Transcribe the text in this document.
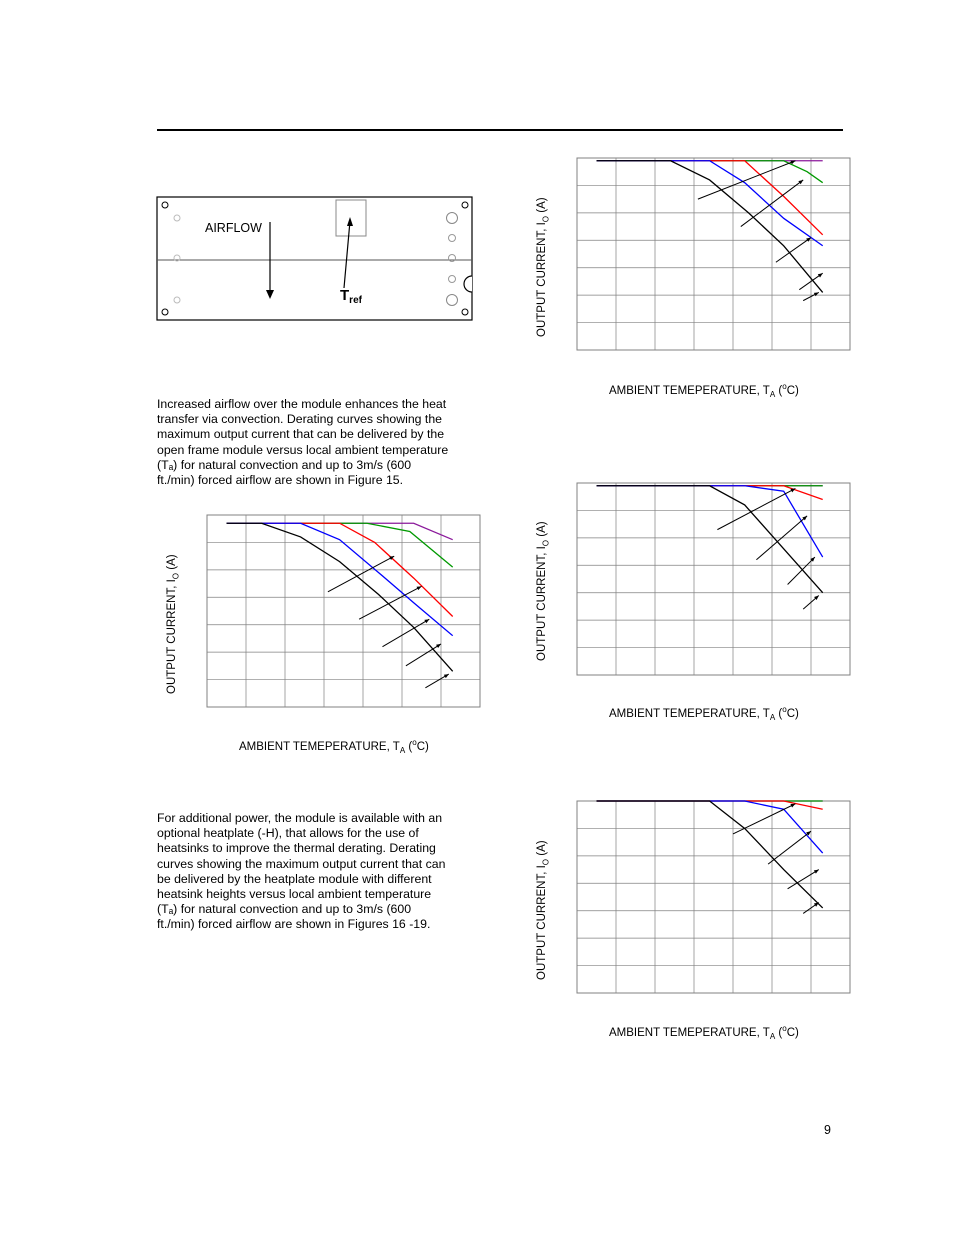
AIRFLOW
$T_{ref}$
Increased airflow over the module enhances the heat
transfer via convection. Derating curves showing the
maximum output current that can be delivered by the
open frame module versus local ambient temperature
(Tₐ) for natural convection and up to 3m/s (600
ft./min) forced airflow are shown in Figure 15.
For additional power, the module is available with an
optional heatplate (-H), that allows for the use of
heatsinks to improve the thermal derating. Derating
curves showing the maximum output current that can
be delivered by the heatplate module with different
heatsink heights versus local ambient temperature
(Tₐ) for natural convection and up to 3m/s (600
ft./min) forced airflow are shown in Figures 16 -19.
AMBIENT TEMEPERATURE, $T_A$ ($^o$C)
OUTPUT CURRENT, $I_O$ (A)
AMBIENT TEMEPERATURE, $T_A$ ($^o$C)
OUTPUT CURRENT, $I_O$ (A)
AMBIENT TEMEPERATURE, $T_A$ ($^o$C)
OUTPUT CURRENT, $I_O$ (A)
AMBIENT TEMEPERATURE, $T_A$ ($^o$C)
OUTPUT CURRENT, $I_O$ (A)
9
